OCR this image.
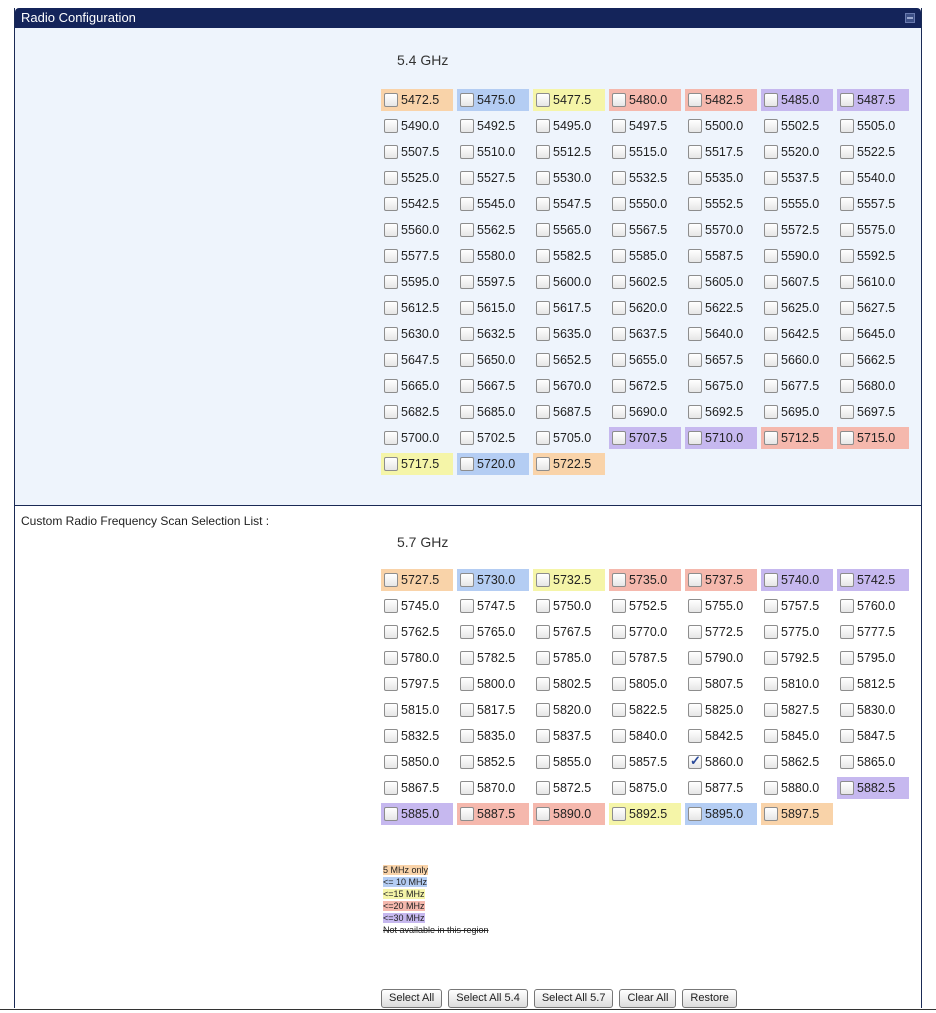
Radio Configuration
5.4 GHz
5472.5	5475.0	5477.5	5480.0	5482.5	5485.0	5487.5
5490.0	5492.5	5495.0	5497.5	5500.0	5502.5	5505.0
5507.5	5510.0	5512.5	5515.0	5517.5	5520.0	5522.5
5525.0	5527.5	5530.0	5532.5	5535.0	5537.5	5540.0
5542.5	5545.0	5547.5	5550.0	5552.5	5555.0	5557.5
5560.0	5562.5	5565.0	5567.5	5570.0	5572.5	5575.0
5577.5	5580.0	5582.5	5585.0	5587.5	5590.0	5592.5
5595.0	5597.5	5600.0	5602.5	5605.0	5607.5	5610.0
5612.5	5615.0	5617.5	5620.0	5622.5	5625.0	5627.5
5630.0	5632.5	5635.0	5637.5	5640.0	5642.5	5645.0
5647.5	5650.0	5652.5	5655.0	5657.5	5660.0	5662.5
5665.0	5667.5	5670.0	5672.5	5675.0	5677.5	5680.0
5682.5	5685.0	5687.5	5690.0	5692.5	5695.0	5697.5
5700.0	5702.5	5705.0	5707.5	5710.0	5712.5	5715.0
5717.5	5720.0	5722.5
Custom Radio Frequency Scan Selection List :
5.7 GHz
5727.5	5730.0	5732.5	5735.0	5737.5	5740.0	5742.5
5745.0	5747.5	5750.0	5752.5	5755.0	5757.5	5760.0
5762.5	5765.0	5767.5	5770.0	5772.5	5775.0	5777.5
5780.0	5782.5	5785.0	5787.5	5790.0	5792.5	5795.0
5797.5	5800.0	5802.5	5805.0	5807.5	5810.0	5812.5
5815.0	5817.5	5820.0	5822.5	5825.0	5827.5	5830.0
5832.5	5835.0	5837.5	5840.0	5842.5	5845.0	5847.5
5850.0	5852.5	5855.0	5857.5
✓	5860.0	5862.5	5865.0
5867.5	5870.0	5872.5	5875.0	5877.5	5880.0	5882.5
5885.0	5887.5	5890.0	5892.5	5895.0	5897.5
5 MHz only
<= 10 MHz
<=15 MHz
<=20 MHz
<=30 MHz
Not available in this region
Select All	Select All 5.4	Select All 5.7	Clear All	Restore
